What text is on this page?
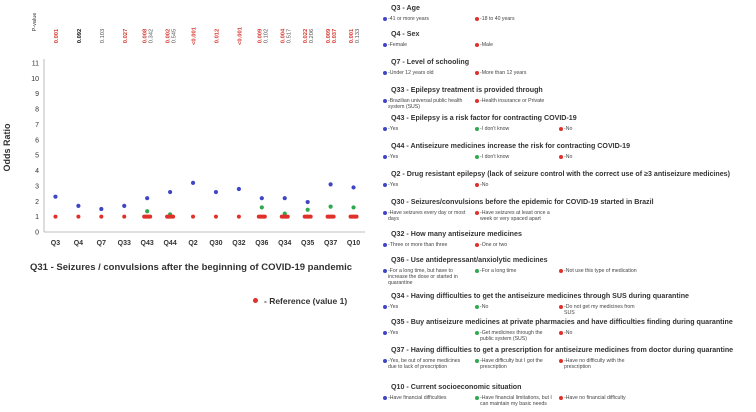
Odds Ratio
0
1
2
3
4
5
6
7
8
9
10
11
P-value
0.001	0.092	0.103	0.027 0.008 0.342 0.002 0.545 <0.001	0.012	<0.001 0.009 0.102 0.004 0.517 0.022 0.206 0.009 0.037 0.001 0.133
Q3 Q4 Q7 Q33 Q43 Q44 Q2 Q30 Q32 Q36 Q34 Q35 Q37 Q10
Q31 - Seizures / convulsions after the beginning of COVID-19 pandemic
- Reference (value 1)
Q3 - Age
-41 or more years	-18 to 40 years
Q4 - Sex
-Female	-Male
Q7 - Level of schooling
-Under 12 years old	-More than 12 years
Q33 - Epilepsy treatment is provided through
-Brazilian universal public health system (SUS)
-Health insurance or Private
Q43 - Epilepsy is a risk factor for contracting COVID-19
-Yes	-I don't know	-No
Q44 - Antiseizure medicines increase the risk for contracting COVID-19
-Yes	-I don't know	-No
Q2 - Drug resistant epilepsy (lack of seizure control with the correct use of ≥3 antiseizure medicines)
-Yes	-No
Q30 - Seizures/convulsions before the epidemic for COVID-19 started in Brazil
-Have seizures every day or most days
-Have seizures at least once a week or very spaced apart
Q32 - How many antiseizure medicines
-Three or more than three	-One or two
Q36 - Use antidepressant/anxiolytic medicines
-For a long time, but have to increase the dose or started in quarantine
-For a long time	-Not use this type of medication
Q34 - Having difficulties to get the antiseizure medicines through SUS during quarantine
-Yes	-No	-Do not get my medicines from SUS
Q35 - Buy antiseizure medicines at private pharmacies and have difficulties finding during quarantine
-Yes	-Get medicines through the public system (SUS)
-No
Q37 - Having difficulties to get a prescription for antiseizure medicines from doctor during quarantine
-Yes, be out of some medicines due to lack of prescription
-Have difficulty but I got the prescription
-Have no difficulty with the prescription
Q10 - Current socioeconomic situation
-Have financial difficulties	-Have financial limitations, but I can maintain my basic needs
-Have no financial difficulty
